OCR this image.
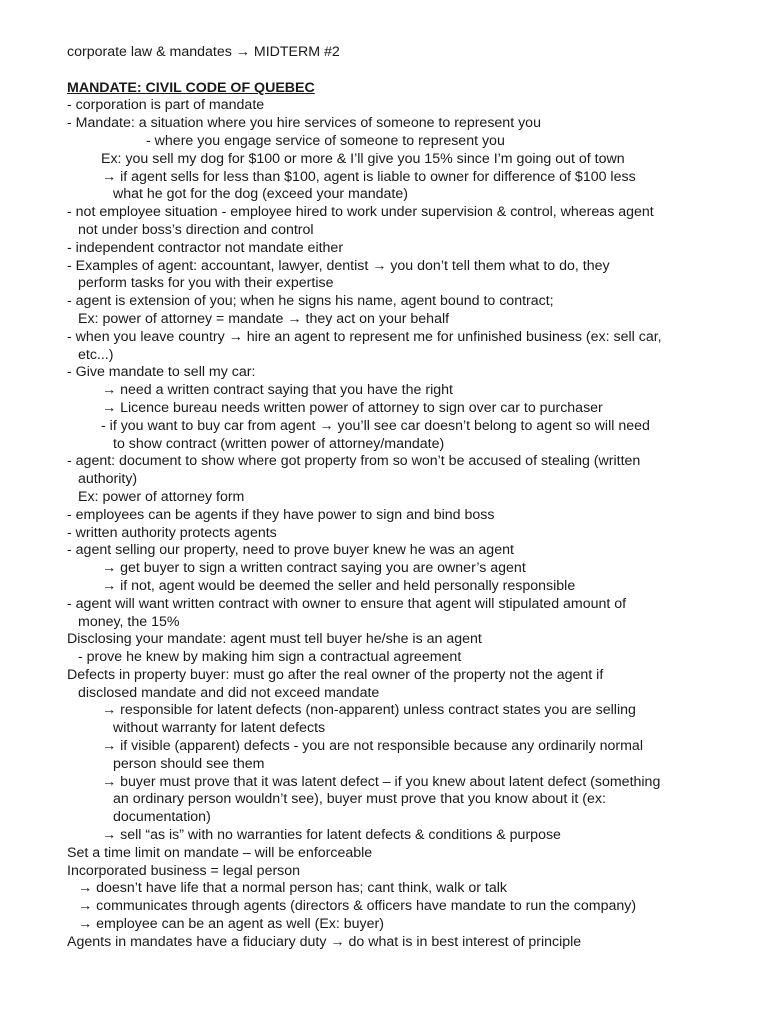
corporate law & mandates → MIDTERM #2
MANDATE: CIVIL CODE OF QUEBEC
- corporation is part of mandate
- Mandate: a situation where you hire services of someone to represent you
- where you engage service of someone to represent you
Ex: you sell my dog for $100 or more & I’ll give you 15% since I’m going out of town
→ if agent sells for less than $100, agent is liable to owner for difference of $100 less
what he got for the dog (exceed your mandate)
- not employee situation - employee hired to work under supervision & control, whereas agent
not under boss’s direction and control
- independent contractor not mandate either
- Examples of agent: accountant, lawyer, dentist → you don’t tell them what to do, they
perform tasks for you with their expertise
- agent is extension of you; when he signs his name, agent bound to contract;
Ex: power of attorney = mandate → they act on your behalf
- when you leave country → hire an agent to represent me for unfinished business (ex: sell car,
etc...)
- Give mandate to sell my car:
→ need a written contract saying that you have the right
→ Licence bureau needs written power of attorney to sign over car to purchaser
- if you want to buy car from agent → you’ll see car doesn’t belong to agent so will need
to show contract (written power of attorney/mandate)
- agent: document to show where got property from so won’t be accused of stealing (written
authority)
Ex: power of attorney form
- employees can be agents if they have power to sign and bind boss
- written authority protects agents
- agent selling our property, need to prove buyer knew he was an agent
→ get buyer to sign a written contract saying you are owner’s agent
→ if not, agent would be deemed the seller and held personally responsible
- agent will want written contract with owner to ensure that agent will stipulated amount of
money, the 15%
Disclosing your mandate: agent must tell buyer he/she is an agent
- prove he knew by making him sign a contractual agreement
Defects in property buyer: must go after the real owner of the property not the agent if
disclosed mandate and did not exceed mandate
→ responsible for latent defects (non-apparent) unless contract states you are selling
without warranty for latent defects
→ if visible (apparent) defects - you are not responsible because any ordinarily normal
person should see them
→ buyer must prove that it was latent defect – if you knew about latent defect (something
an ordinary person wouldn’t see), buyer must prove that you know about it (ex:
documentation)
→ sell “as is” with no warranties for latent defects & conditions & purpose
Set a time limit on mandate – will be enforceable
Incorporated business = legal person
→ doesn’t have life that a normal person has; cant think, walk or talk
→ communicates through agents (directors & officers have mandate to run the company)
→ employee can be an agent as well (Ex: buyer)
Agents in mandates have a fiduciary duty → do what is in best interest of principle
